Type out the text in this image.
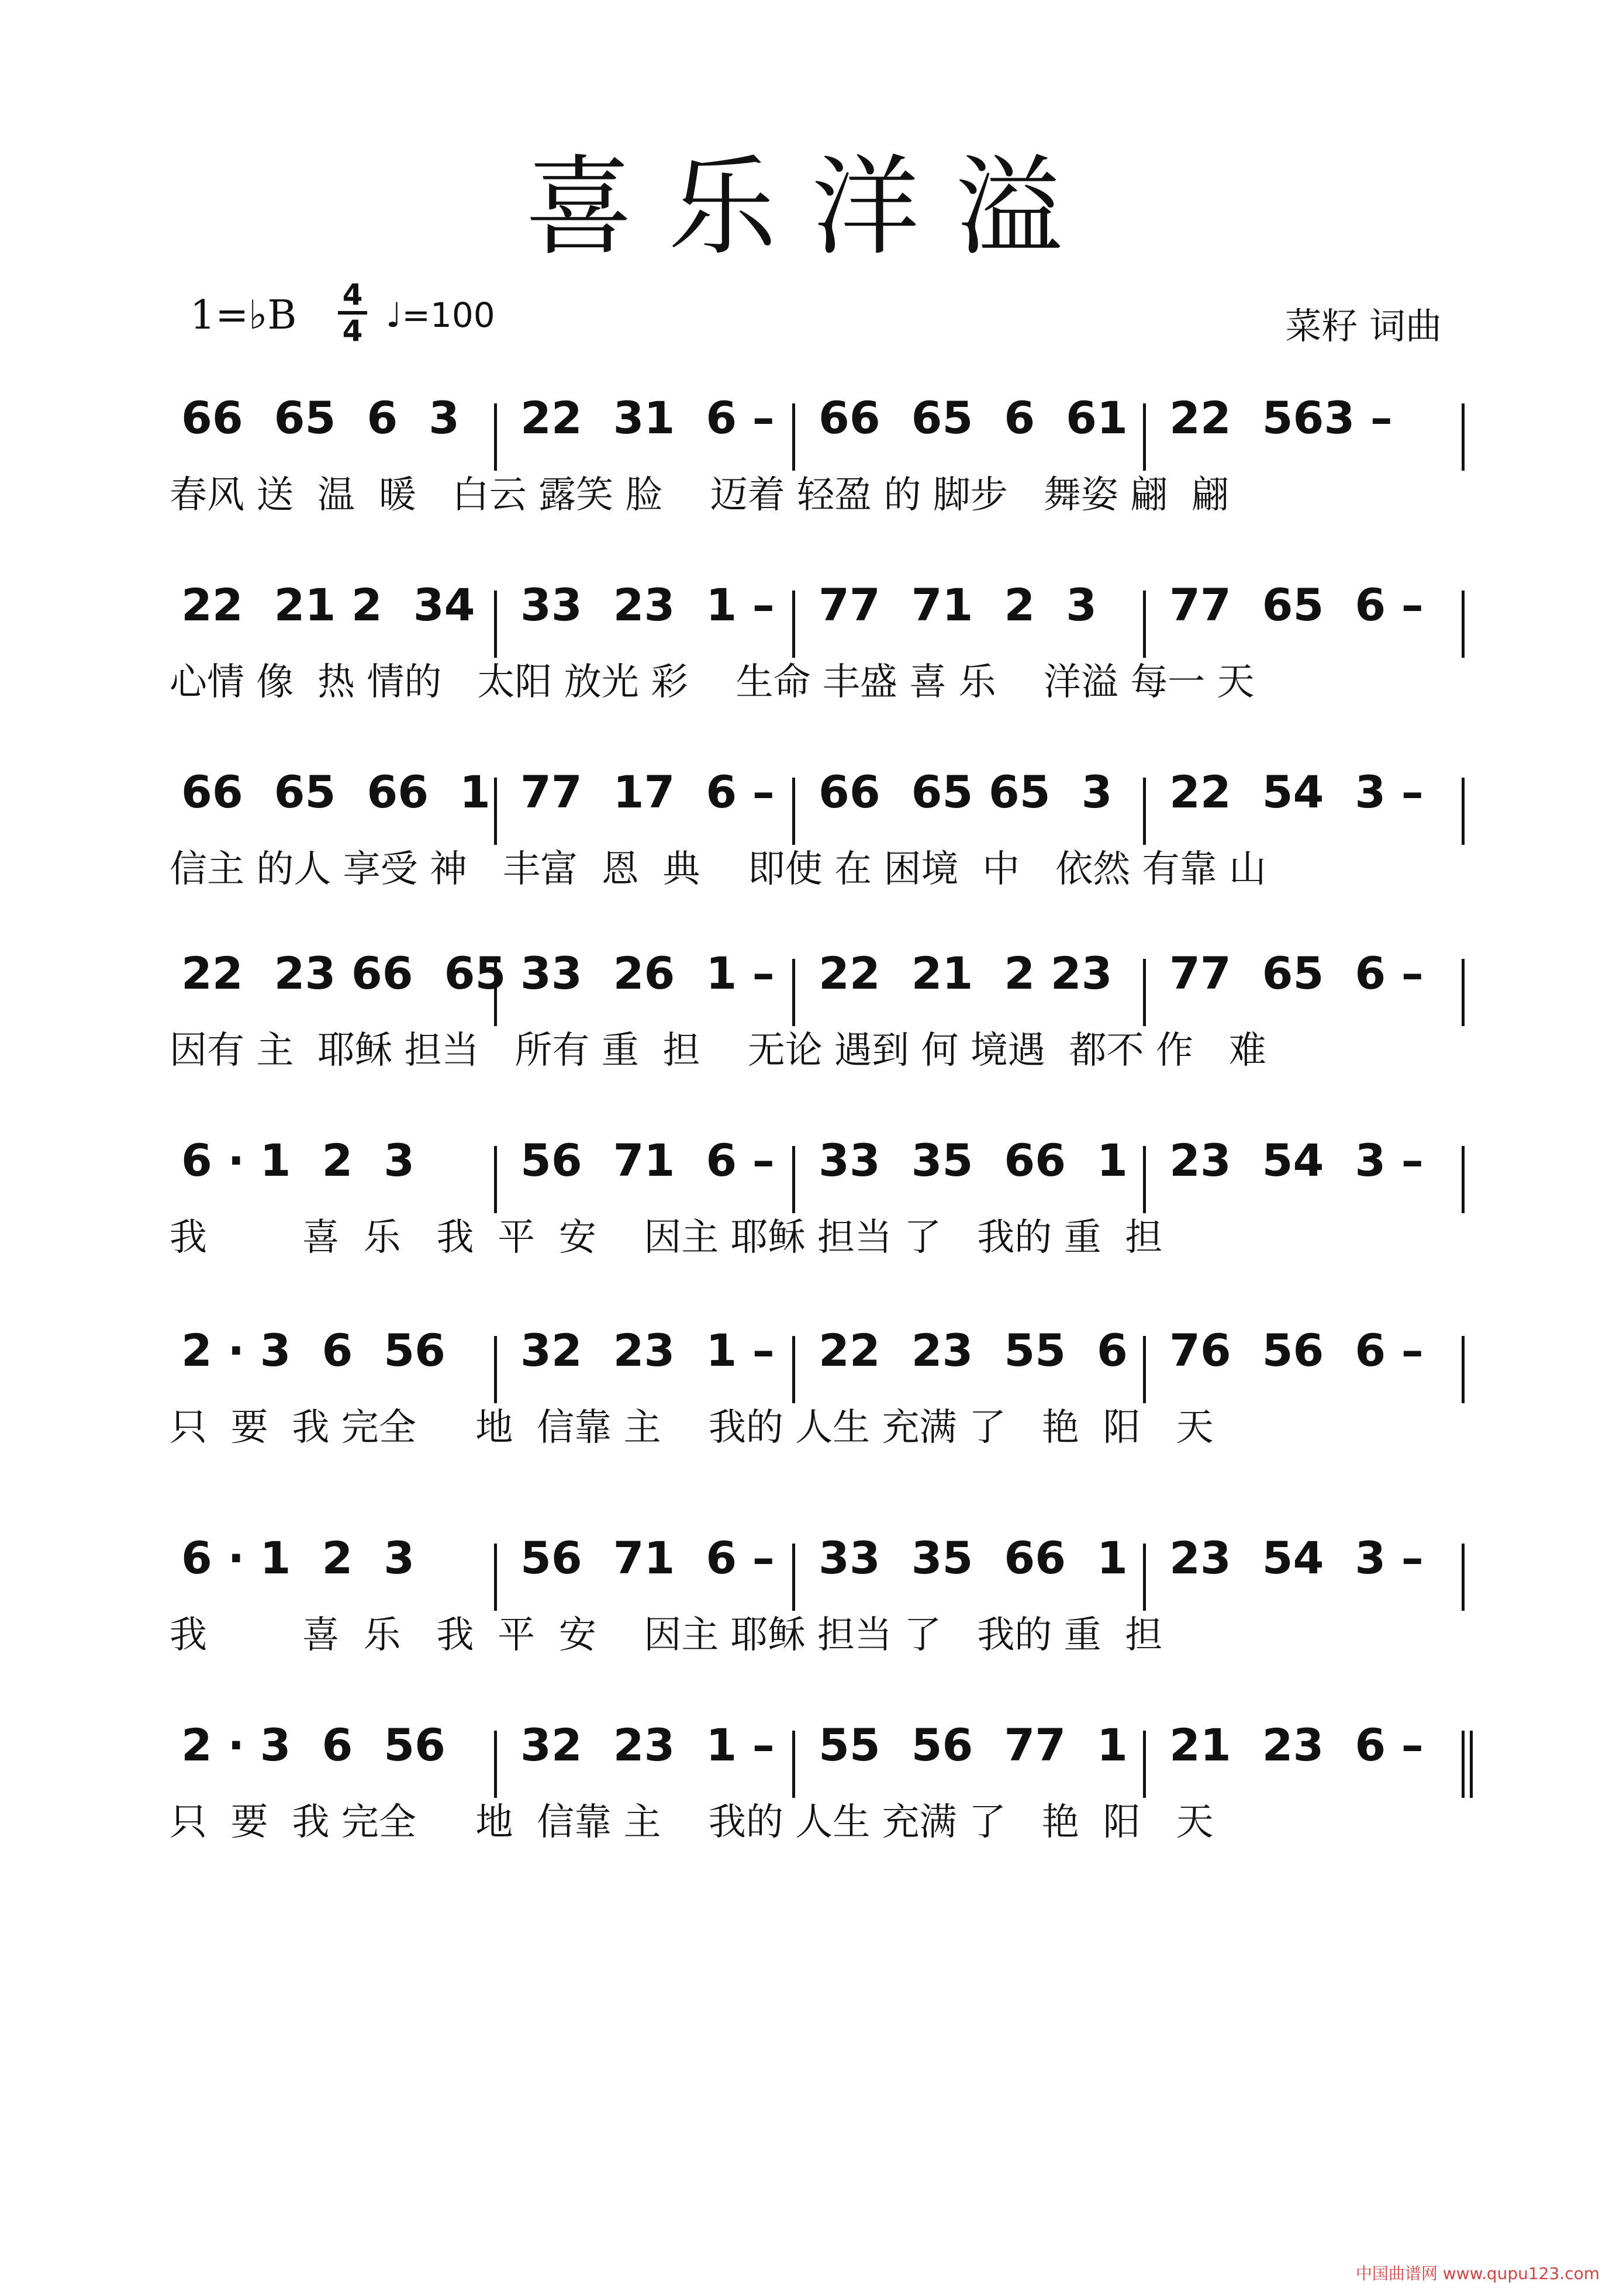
喜乐洋溢
1=♭B 4
4 ♩=100	菜籽 词曲
66  65  6  3 22  31  6 – 66  65  6  61 22  563 –
春风 送  温  暖   白云 露笑 脸    迈着 轻盈 的 脚步   舞姿 翩  翩
22  21 2  34 33  23  1 – 77  71  2  3 77  65  6 –
心情 像  热 情的   太阳 放光 彩    生命 丰盛 喜 乐    洋溢 每一 天
66  65  66  1 77  17  6 – 66  65 65  3 22  54  3 –
信主 的人 享受 神   丰富  恩  典    即使 在 困境  中   依然 有靠 山
22  23 66  65 33  26  1 – 22  21  2 23 77  65  6 –
因有 主  耶稣 担当   所有 重  担    无论 遇到 何 境遇  都不 作   难
6 · 1  2  3 56  71  6 – 33  35  66  1 23  54  3 –
我        喜  乐   我  平  安    因主 耶稣 担当 了   我的 重  担
2 · 3  6  56 32  23  1 – 22  23  55  6 76  56  6 –
只  要  我 完全     地  信靠 主    我的 人生 充满 了   艳  阳   天
6 · 1  2  3 56  71  6 – 33  35  66  1 23  54  3 –
我        喜  乐   我  平  安    因主 耶稣 担当 了   我的 重  担
2 · 3  6  56 32  23  1 – 55  56  77  1 21  23  6 –
只  要  我 完全     地  信靠 主    我的 人生 充满 了   艳  阳   天
中国曲谱网 www.qupu123.com
